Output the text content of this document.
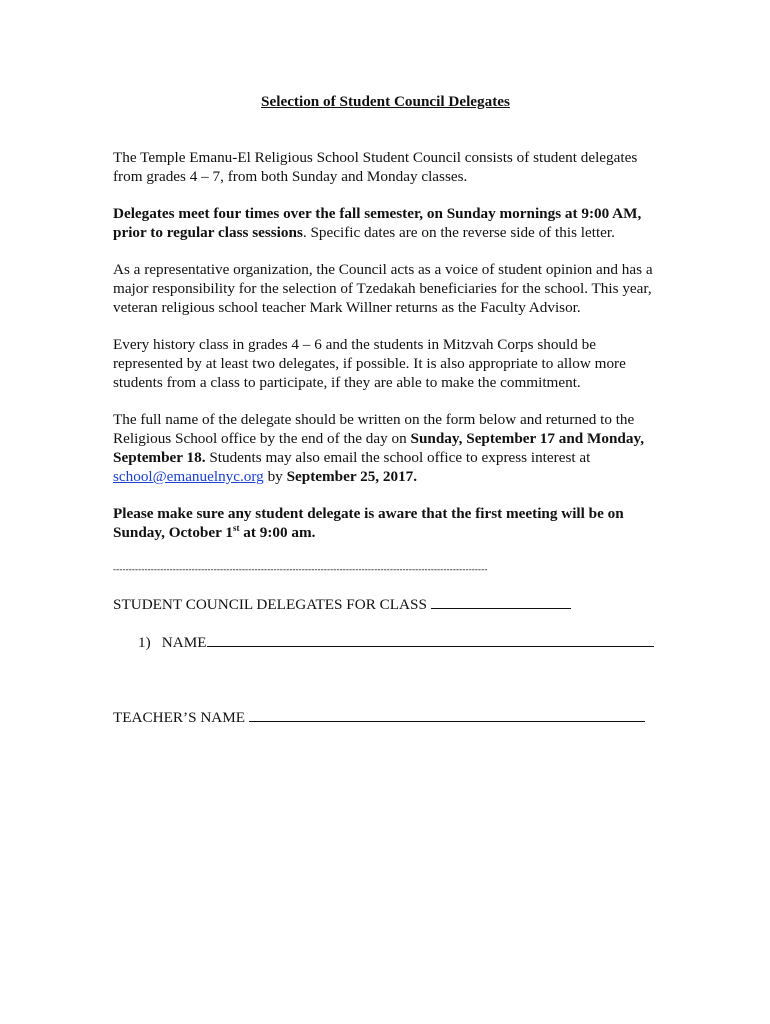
Selection of Student Council Delegates

The Temple Emanu-El Religious School Student Council consists of student delegates from grades 4 – 7, from both Sunday and Monday classes.

Delegates meet four times over the fall semester, on Sunday mornings at 9:00 AM, prior to regular class sessions. Specific dates are on the reverse side of this letter.

As a representative organization, the Council acts as a voice of student opinion and has a major responsibility for the selection of Tzedakah beneficiaries for the school. This year, veteran religious school teacher Mark Willner returns as the Faculty Advisor.

Every history class in grades 4 – 6 and the students in Mitzvah Corps should be represented by at least two delegates, if possible. It is also appropriate to allow more students from a class to participate, if they are able to make the commitment.

The full name of the delegate should be written on the form below and returned to the Religious School office by the end of the day on Sunday, September 17 and Monday, September 18. Students may also email the school office to express interest at school@emanuelnyc.org by September 25, 2017.

Please make sure any student delegate is aware that the first meeting will be on Sunday, October 1st at 9:00 am.

-----------------------------------------------------------------------------------------------------------------------
STUDENT COUNCIL DELEGATES FOR CLASS
1) NAME
TEACHER’S NAME
